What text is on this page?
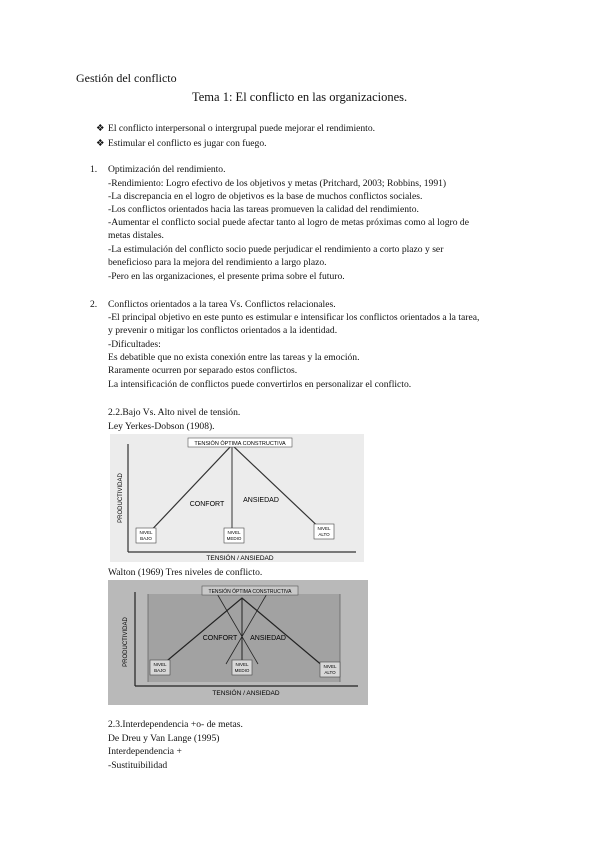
Gestión del conflicto
Tema 1: El conflicto en las organizaciones.
❖ El conflicto interpersonal o intergrupal puede mejorar el rendimiento.
❖ Estimular el conflicto es jugar con fuego.
1. Optimización del rendimiento.
-Rendimiento: Logro efectivo de los objetivos y metas (Pritchard, 2003; Robbins, 1991)
-La discrepancia en el logro de objetivos es la base de muchos conflictos sociales.
-Los conflictos orientados hacia las tareas promueven la calidad del rendimiento.
-Aumentar el conflicto social puede afectar tanto al logro de metas próximas como al logro de
metas distales.
-La estimulación del conflicto socio puede perjudicar el rendimiento a corto plazo y ser
beneficioso para la mejora del rendimiento a largo plazo.
-Pero en las organizaciones, el presente prima sobre el futuro.
2. Conflictos orientados a la tarea Vs. Conflictos relacionales.
-El principal objetivo en este punto es estimular e intensificar los conflictos orientados a la tarea,
y prevenir o mitigar los conflictos orientados a la identidad.
-Dificultades:
Es debatible que no exista conexión entre las tareas y la emoción.
Raramente ocurren por separado estos conflictos.
La intensificación de conflictos puede convertirlos en personalizar el conflicto.
2.2.Bajo Vs. Alto nivel de tensión.
Ley Yerkes-Dobson (1908).
TENSIÓN ÓPTIMA CONSTRUCTIVA
PRODUCTIVIDAD
TENSIÓN / ANSIEDAD
CONFORT
ANSIEDAD
NIVEL
BAJO
NIVEL
MEDIO
NIVEL
ALTO
Walton (1969) Tres niveles de conflicto.
TENSIÓN ÓPTIMA CONSTRUCTIVA
PRODUCTIVIDAD
TENSIÓN / ANSIEDAD
CONFORT ANSIEDAD
NIVEL
BAJO
NIVEL
MEDIO
NIVEL
ALTO
2.3.Interdependencia +o- de metas.
De Dreu y Van Lange (1995)
Interdependencia +
-Sustituibilidad
